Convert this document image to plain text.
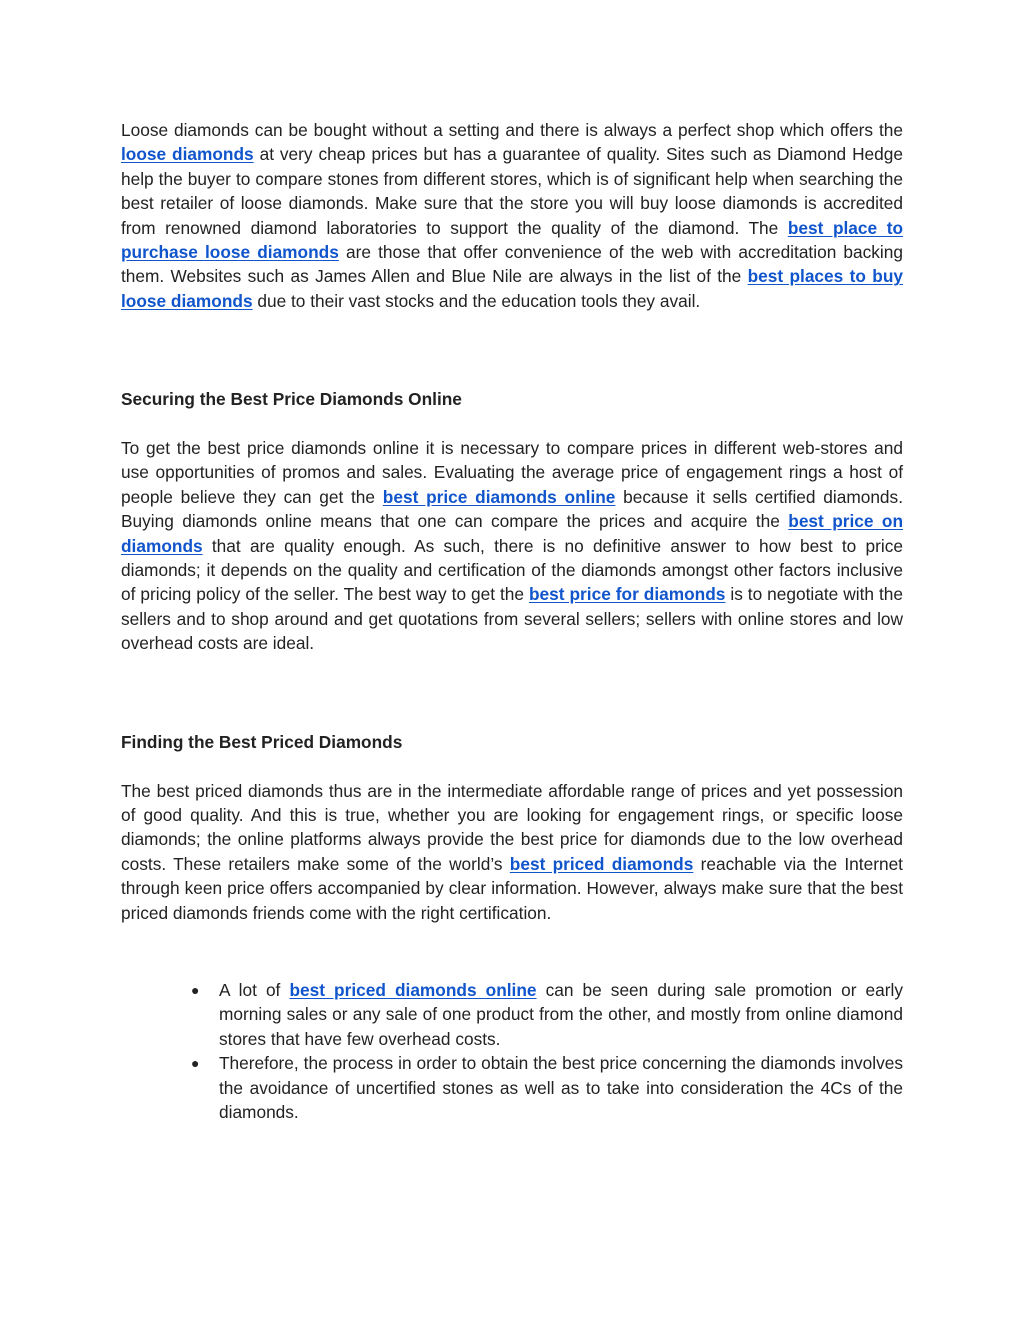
Loose diamonds can be bought without a setting and there is always a perfect shop which offers the loose diamonds at very cheap prices but has a guarantee of quality. Sites such as Diamond Hedge help the buyer to compare stones from different stores, which is of significant help when searching the best retailer of loose diamonds. Make sure that the store you will buy loose diamonds is accredited from renowned diamond laboratories to support the quality of the diamond. The best place to purchase loose diamonds are those that offer convenience of the web with accreditation backing them. Websites such as James Allen and Blue Nile are always in the list of the best places to buy loose diamonds due to their vast stocks and the education tools they avail.

Securing the Best Price Diamonds Online

To get the best price diamonds online it is necessary to compare prices in different web-stores and use opportunities of promos and sales. Evaluating the average price of engagement rings a host of people believe they can get the best price diamonds online because it sells certified diamonds. Buying diamonds online means that one can compare the prices and acquire the best price on diamonds that are quality enough. As such, there is no definitive answer to how best to price diamonds; it depends on the quality and certification of the diamonds amongst other factors inclusive of pricing policy of the seller. The best way to get the best price for diamonds is to negotiate with the sellers and to shop around and get quotations from several sellers; sellers with online stores and low overhead costs are ideal.

Finding the Best Priced Diamonds

The best priced diamonds thus are in the intermediate affordable range of prices and yet possession of good quality. And this is true, whether you are looking for engagement rings, or specific loose diamonds; the online platforms always provide the best price for diamonds due to the low overhead costs. These retailers make some of the world’s best priced diamonds reachable via the Internet through keen price offers accompanied by clear information. However, always make sure that the best priced diamonds friends come with the right certification.

● A lot of best priced diamonds online can be seen during sale promotion or early morning sales or any sale of one product from the other, and mostly from online diamond stores that have few overhead costs.
● Therefore, the process in order to obtain the best price concerning the diamonds involves the avoidance of uncertified stones as well as to take into consideration the 4Cs of the diamonds.
